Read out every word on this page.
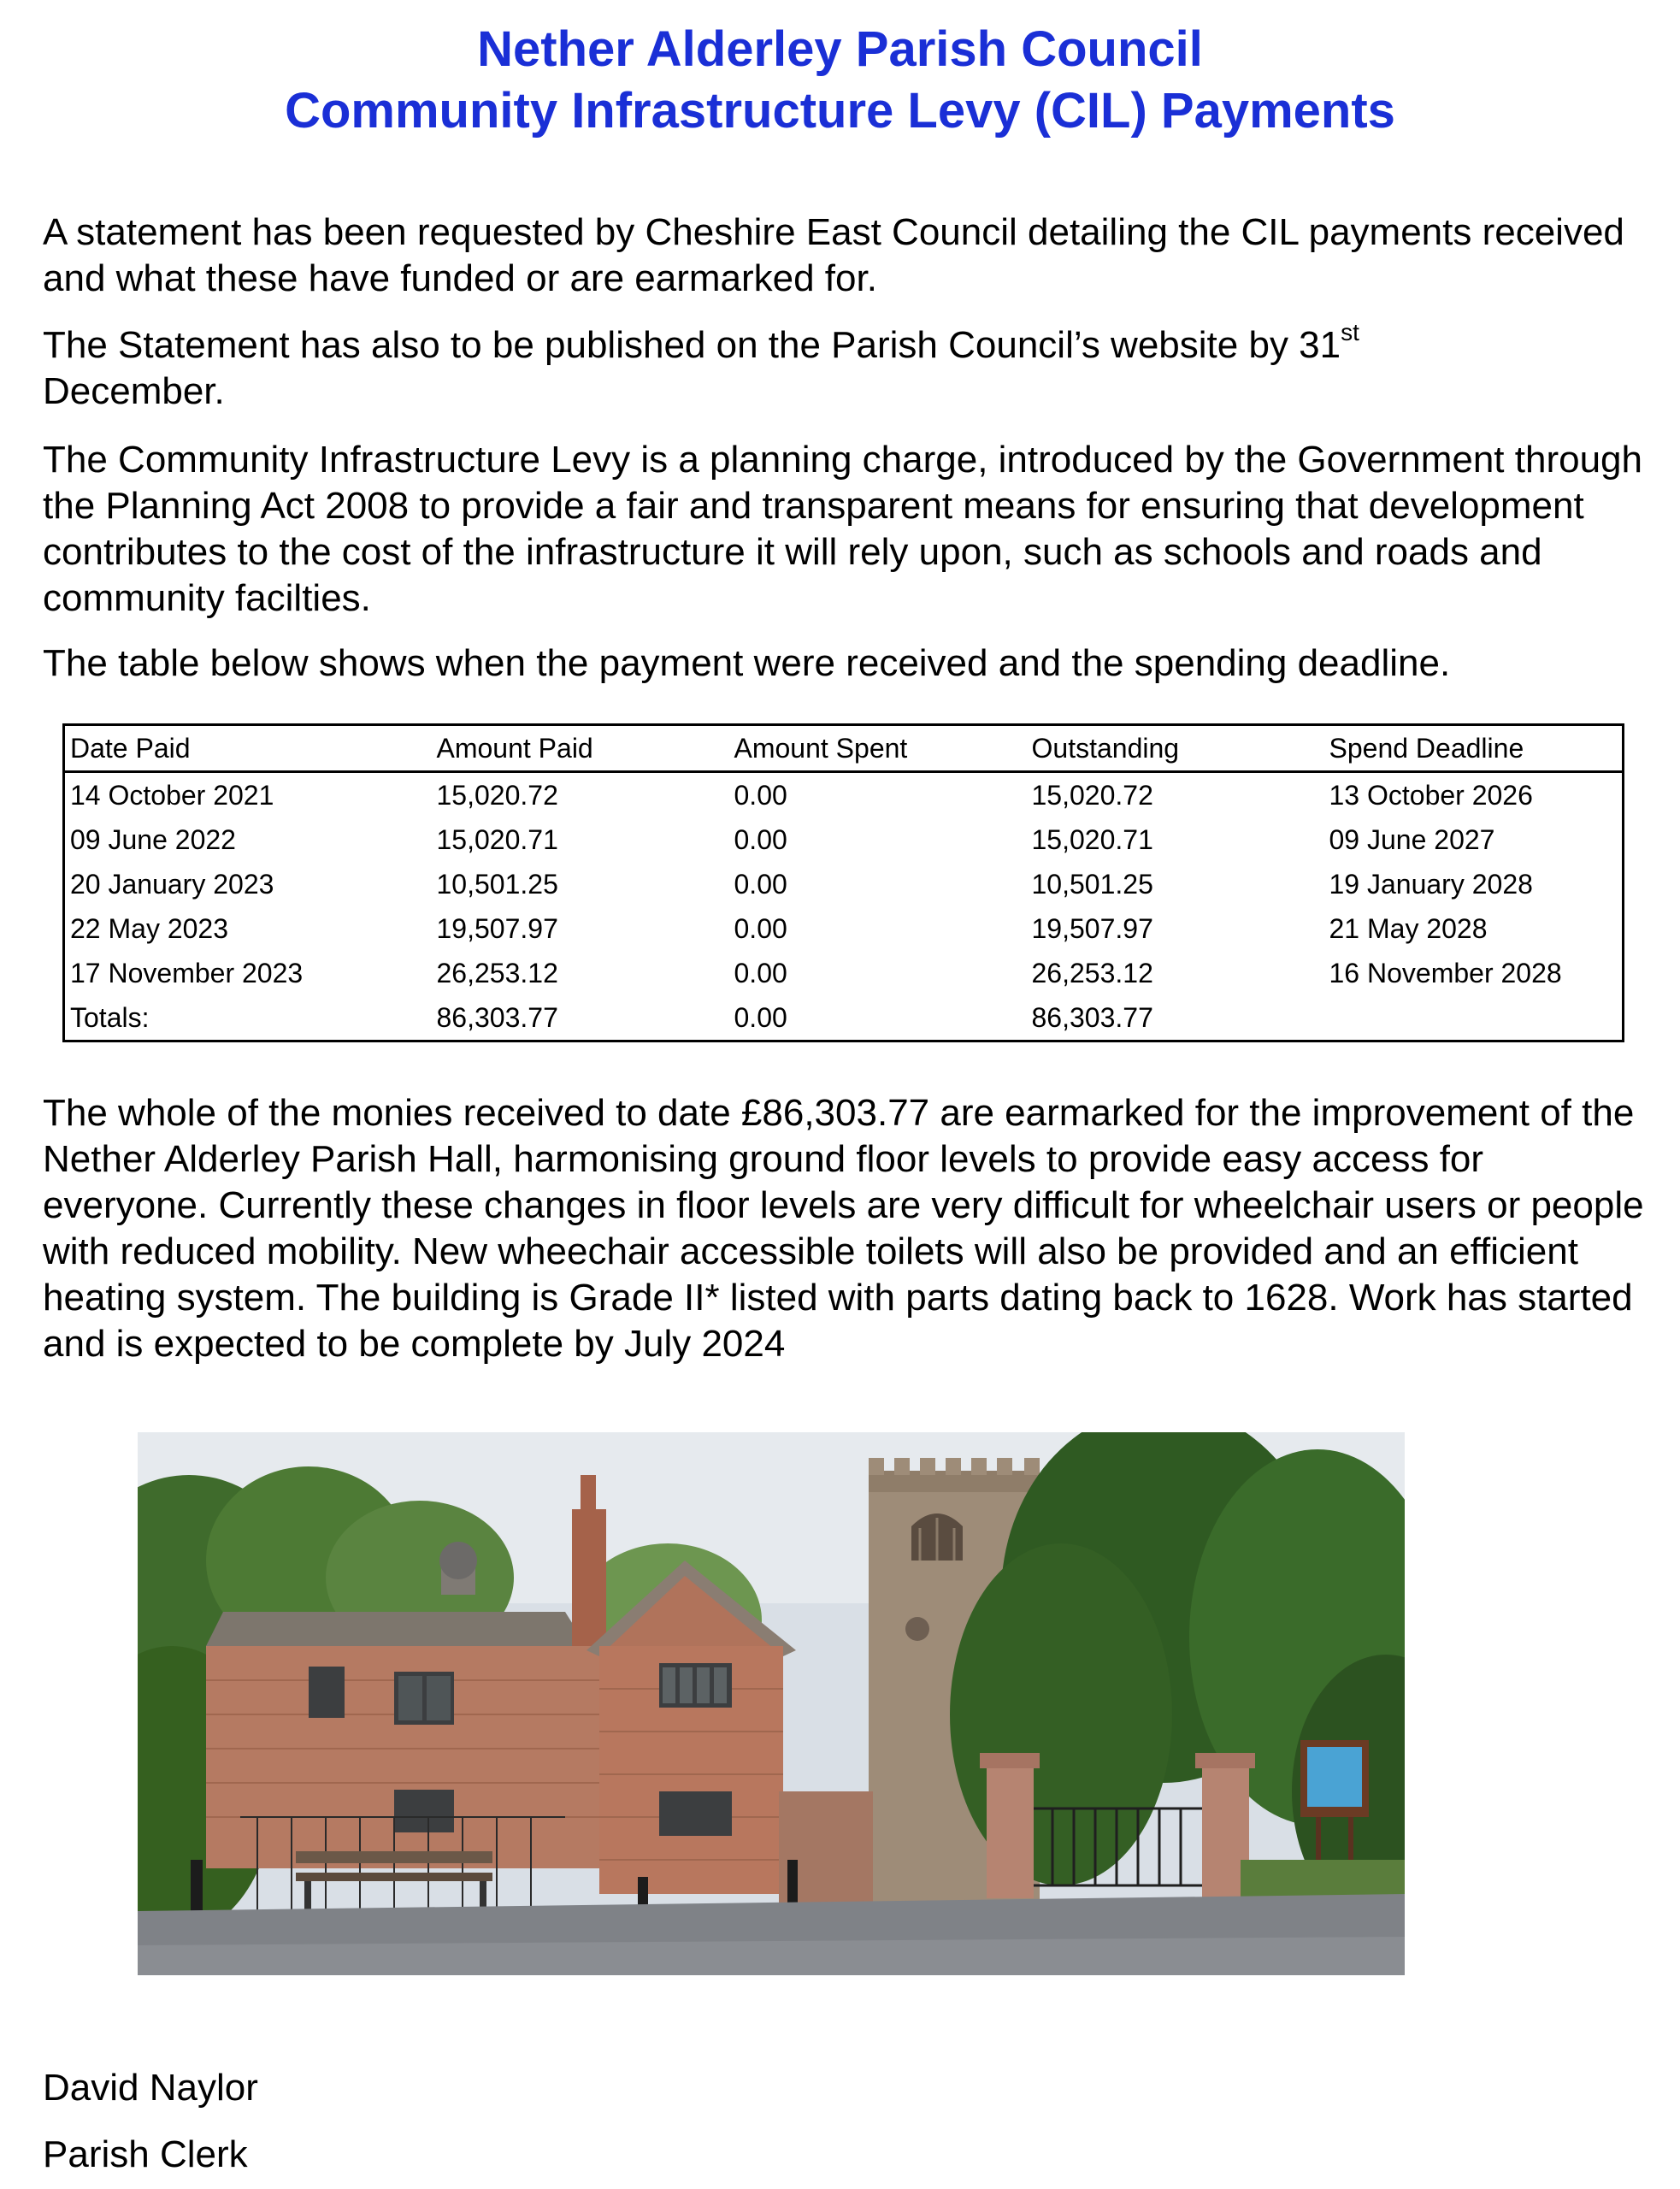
Nether Alderley Parish Council
Community Infrastructure Levy (CIL) Payments

A statement has been requested by Cheshire East Council detailing the CIL payments received and what these have funded or are earmarked for.

The Statement has also to be published on the Parish Council’s website by 31st
December.

The Community Infrastructure Levy is a planning charge, introduced by the Government through the Planning Act 2008 to provide a fair and transparent means for ensuring that development contributes to the cost of the infrastructure it will rely upon, such as schools and roads and community facilties.

The table below shows when the payment were received and the spending deadline.

Date Paid	Amount Paid	Amount Spent	Outstanding	Spend Deadline
14 October 2021	15,020.72	0.00	15,020.72	13 October 2026
09 June 2022	15,020.71	0.00	15,020.71	09 June 2027
20 January 2023	10,501.25	0.00	10,501.25	19 January 2028
22 May 2023	19,507.97	0.00	19,507.97	21 May 2028
17 November 2023	26,253.12	0.00	26,253.12	16 November 2028
Totals:	86,303.77	0.00	86,303.77	

The whole of the monies received to date £86,303.77 are earmarked for the improvement of the Nether Alderley Parish Hall, harmonising ground floor levels to provide easy access for everyone. Currently these changes in floor levels are very difficult for wheelchair users or people with reduced mobility. New wheechair accessible toilets will also be provided and an efficient heating system. The building is Grade II* listed with parts dating back to 1628. Work has started and is expected to be complete by July 2024

David Naylor
Parish Clerk
